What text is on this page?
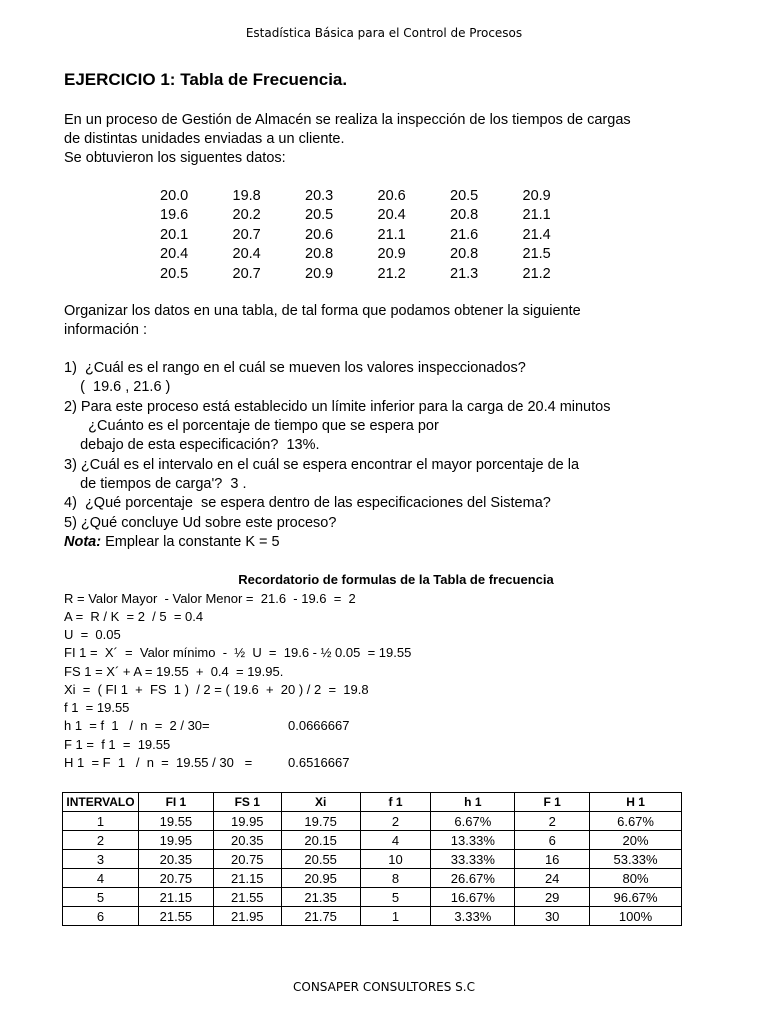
Estadística Básica para el Control de Procesos
EJERCICIO 1: Tabla de Frecuencia.
En un proceso de Gestión de Almacén se realiza la inspección de los tiempos de cargas
de distintas unidades enviadas a un cliente.
Se obtuvieron los siguentes datos:
20.0	19.8	20.3	20.6	20.5	20.9
19.6	20.2	20.5	20.4	20.8	21.1
20.1	20.7	20.6	21.1	21.6	21.4
20.4	20.4	20.8	20.9	20.8	21.5
20.5	20.7	20.9	21.2	21.3	21.2
Organizar los datos en una tabla, de tal forma que podamos obtener la siguiente
información :
1)  ¿Cuál es el rango en el cuál se mueven los valores inspeccionados?
(  19.6 , 21.6 )
2) Para este proceso está establecido un límite inferior para la carga de 20.4 minutos
¿Cuánto es el porcentaje de tiempo que se espera por
debajo de esta especificación?  13%.
3) ¿Cuál es el intervalo en el cuál se espera encontrar el mayor porcentaje de la
de tiempos de carga'?  3 .
4)  ¿Qué porcentaje  se espera dentro de las especificaciones del Sistema?
5) ¿Qué concluye Ud sobre este proceso?
Nota: Emplear la constante K = 5
Recordatorio de formulas de la Tabla de frecuencia
R = Valor Mayor  - Valor Menor =  21.6  - 19.6  =  2
A =  R / K  = 2  / 5  = 0.4
U  =  0.05
FI 1 =  X´  =  Valor mínimo  -  ½  U  =  19.6 - ½ 0.05  = 19.55
FS 1 = X´ + A = 19.55  +  0.4  = 19.95.
Xi  =  ( FI 1  +  FS  1 )  / 2 = ( 19.6  +  20 ) / 2  =  19.8
f 1  = 19.55
h 1  = f  1   /  n  =  2 / 30=	0.0666667
F 1 =  f 1  =  19.55
H 1  = F  1   /  n  =  19.55 / 30   =	0.6516667
INTERVALO	FI 1	FS 1	Xi	f 1	h 1	F 1	H 1
1	19.55	19.95	19.75	2	6.67%	2	6.67%
2	19.95	20.35	20.15	4	13.33%	6	20%
3	20.35	20.75	20.55	10	33.33%	16	53.33%
4	20.75	21.15	20.95	8	26.67%	24	80%
5	21.15	21.55	21.35	5	16.67%	29	96.67%
6	21.55	21.95	21.75	1	3.33%	30	100%
CONSAPER CONSULTORES S.C
